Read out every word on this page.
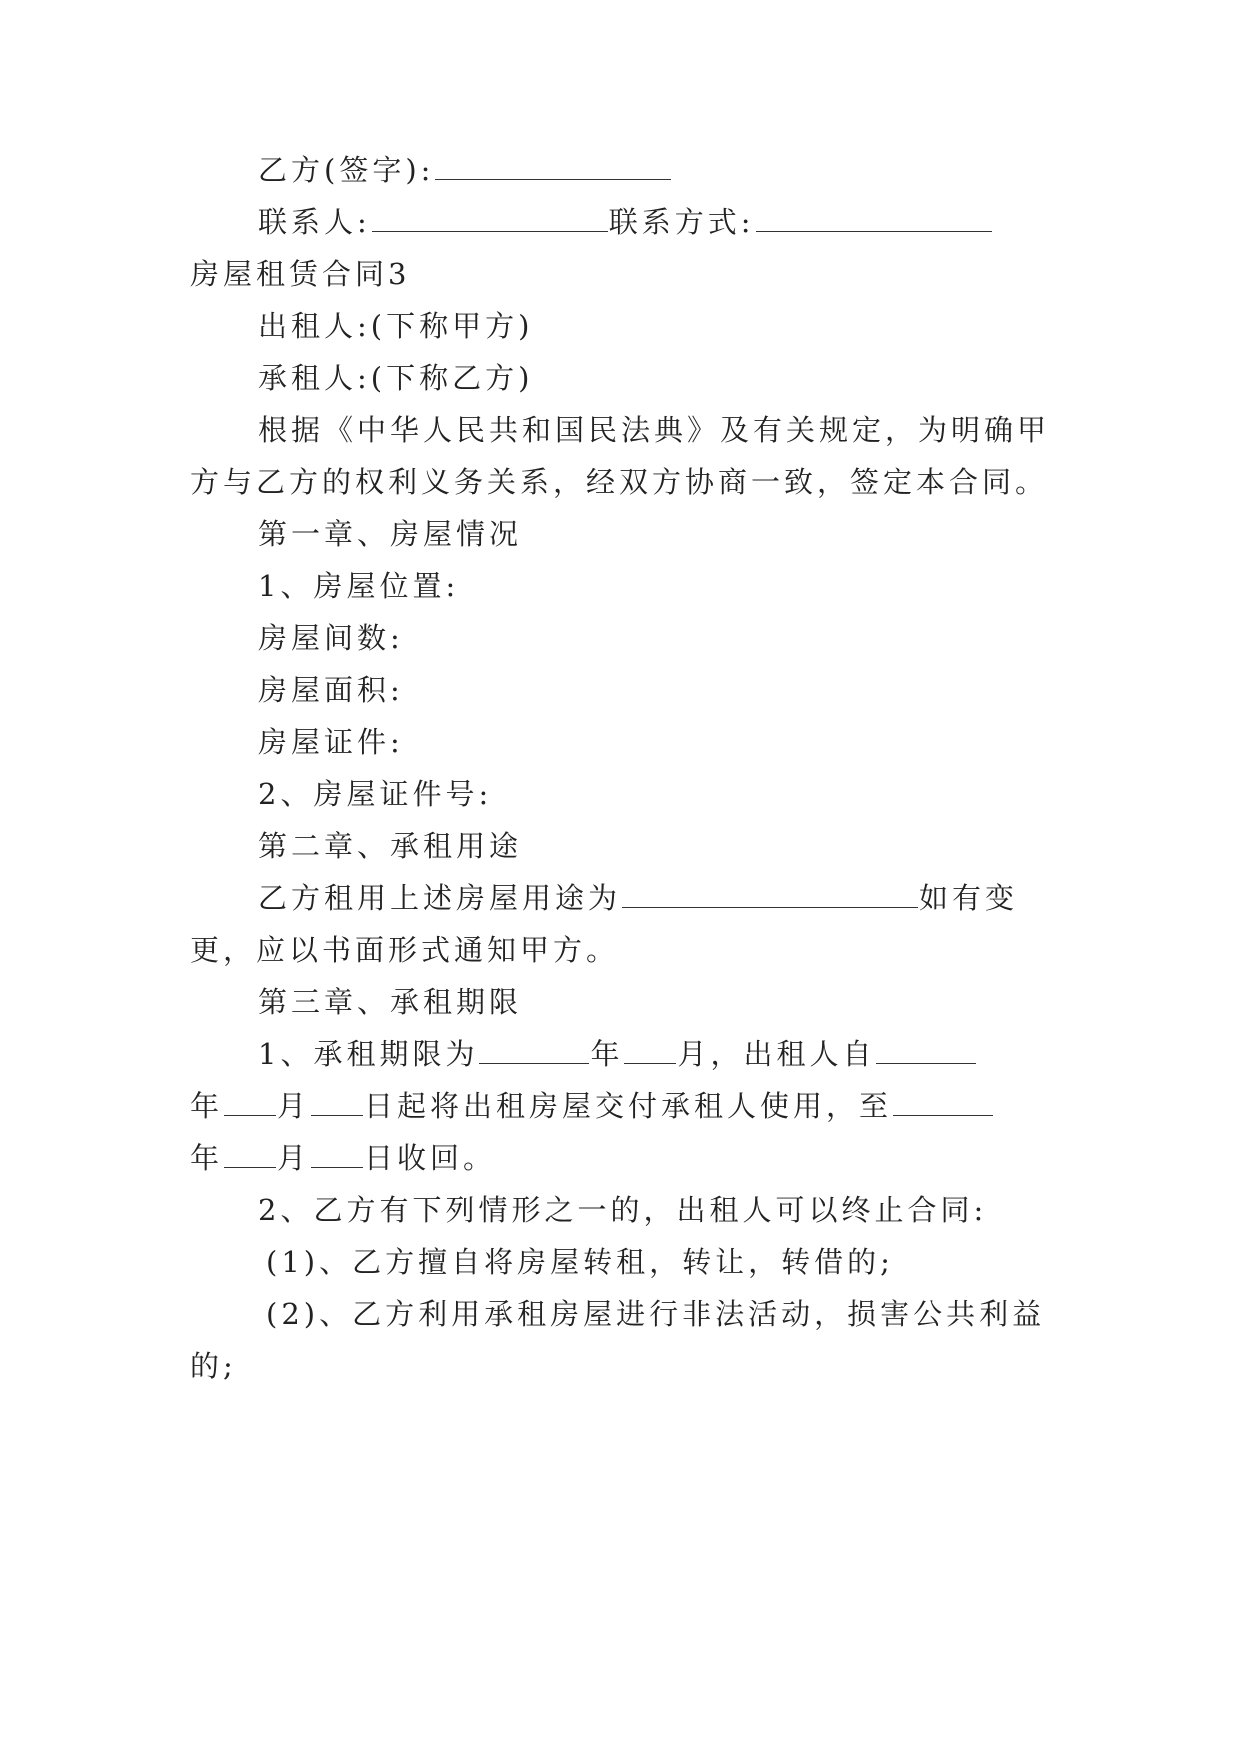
乙方(签字):
联系人:	联系方式:
房屋租赁合同3
出租人:(下称甲方)
承租人:(下称乙方)
根据《中华人民共和国民法典》及有关规定，为明确甲
方与乙方的权利义务关系，经双方协商一致，签定本合同。
第一章、房屋情况
1、房屋位置:
房屋间数:
房屋面积:
房屋证件:
2、房屋证件号:
第二章、承租用途
乙方租用上述房屋用途为	如有变
更，应以书面形式通知甲方。
第三章、承租期限
1、承租期限为	年 月，出租人自
年 月 日起将出租房屋交付承租人使用，至
年 月 日收回。
2、乙方有下列情形之一的，出租人可以终止合同:
(1)、乙方擅自将房屋转租，转让，转借的;
(2)、乙方利用承租房屋进行非法活动，损害公共利益
的;
